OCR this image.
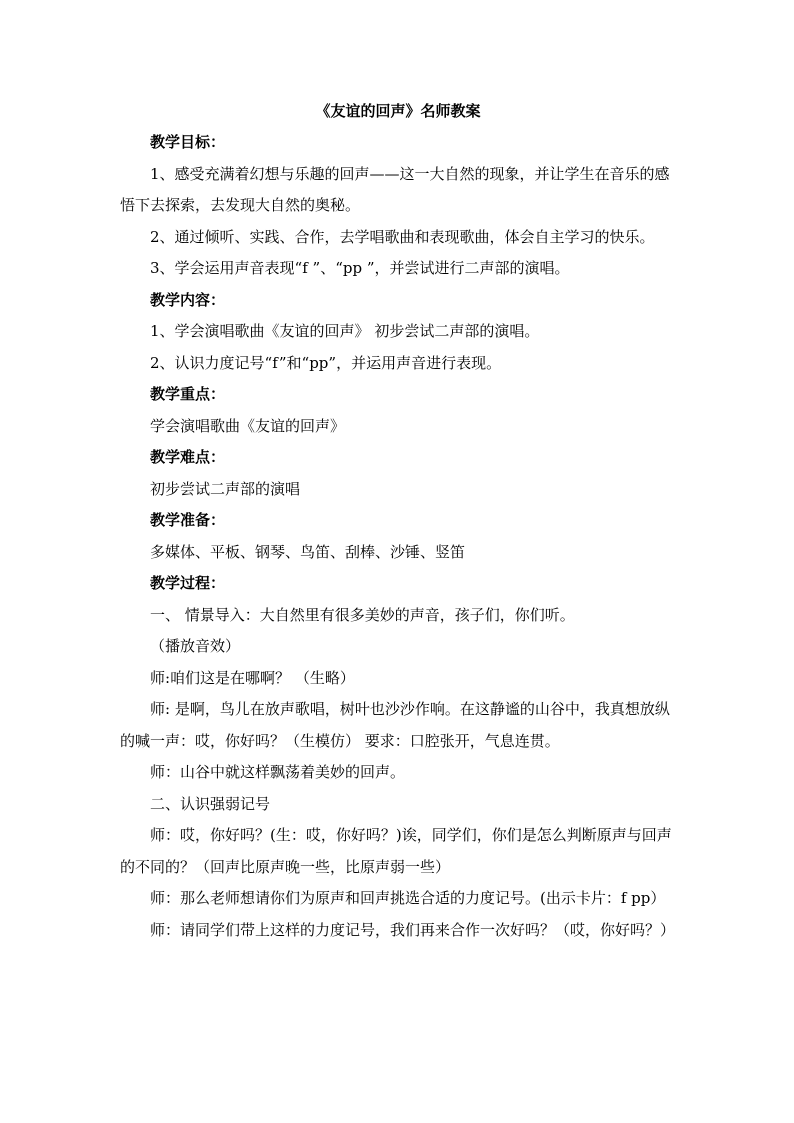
《友谊的回声》名师教案

教学目标：

1、感受充满着幻想与乐趣的回声——这一大自然的现象，并让学生在音乐的感悟下去探索，去发现大自然的奥秘。

2、通过倾听、实践、合作，去学唱歌曲和表现歌曲，体会自主学习的快乐。

3、学会运用声音表现“f ”、“pp ”，并尝试进行二声部的演唱。

教学内容：

1、学会演唱歌曲《友谊的回声》 初步尝试二声部的演唱。

2、认识力度记号“f”和“pp”，并运用声音进行表现。

教学重点：

学会演唱歌曲《友谊的回声》

教学难点：

初步尝试二声部的演唱

教学准备：

多媒体、平板、钢琴、鸟笛、刮棒、沙锤、竖笛

教学过程：

一、 情景导入：大自然里有很多美妙的声音，孩子们，你们听。

（播放音效）

师:咱们这是在哪啊？ （生略）

师: 是啊，鸟儿在放声歌唱，树叶也沙沙作响。在这静谧的山谷中，我真想放纵的喊一声：哎，你好吗？（生模仿） 要求：口腔张开，气息连贯。

师：山谷中就这样飘荡着美妙的回声。

二、认识强弱记号

师：哎，你好吗？(生：哎，你好吗？)诶，同学们，你们是怎么判断原声与回声的不同的？（回声比原声晚一些，比原声弱一些）

师：那么老师想请你们为原声和回声挑选合适的力度记号。(出示卡片：f pp）

师：请同学们带上这样的力度记号，我们再来合作一次好吗？（哎，你好吗？）
